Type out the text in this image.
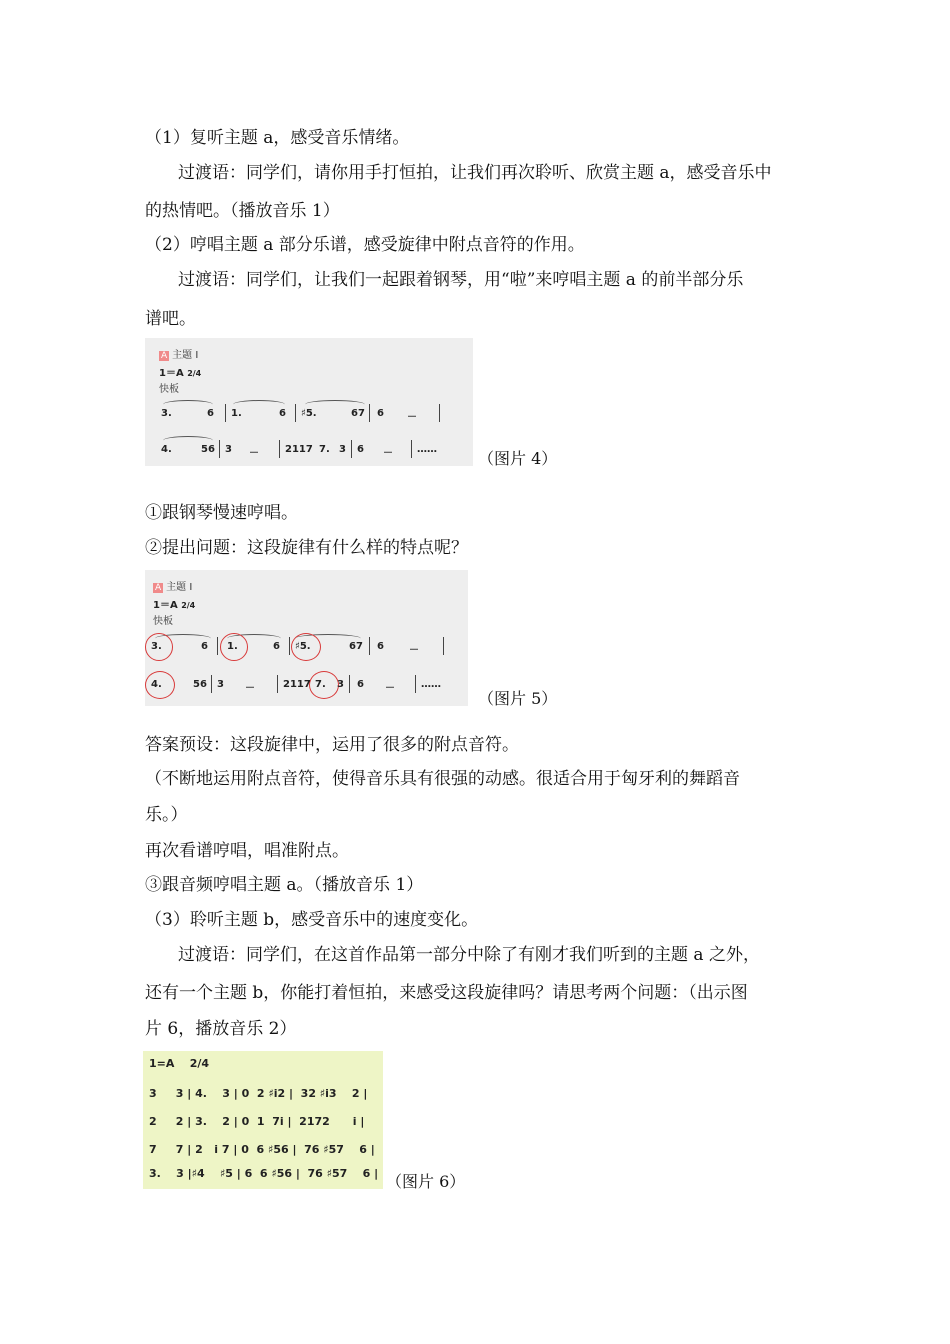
（1）复听主题 a，感受音乐情绪。
过渡语：同学们，请你用手打恒拍，让我们再次聆听、欣赏主题 a，感受音乐中
的热情吧。（播放音乐 1）
（2）哼唱主题 a 部分乐谱，感受旋律中附点音符的作用。
过渡语：同学们，让我们一起跟着钢琴，用“啦”来哼唱主题 a 的前半部分乐
谱吧。
A 主题 Ⅰ
1＝A 2/4
快板
3.	6 1.	6 ♯5.	67 6 －
4.	56 3 －	2117 7. 3 6 － ……	（图片 4）
①跟钢琴慢速哼唱。
②提出问题：这段旋律有什么样的特点呢？
A 主题 Ⅰ
1＝A 2/4
快板
3.	6 1.	6 ♯5.	67 6	－
4.	56 3 －	2117 7. 3 6 －	……
（图片 5）
答案预设：这段旋律中，运用了很多的附点音符。
（不断地运用附点音符，使得音乐具有很强的动感。很适合用于匈牙利的舞蹈音
乐。）
再次看谱哼唱，唱准附点。
③跟音频哼唱主题 a。（播放音乐 1）
（3）聆听主题 b，感受音乐中的速度变化。
过渡语：同学们，在这首作品第一部分中除了有刚才我们听到的主题 a 之外，
还有一个主题 b，你能打着恒拍，来感受这段旋律吗？请思考两个问题：（出示图
片 6，播放音乐 2）
1=A    2/4
3     3 | 4.    3 | 0  2 ♯i2 |  32 ♯i3    2 |
2     2 | 3.    2 | 0  1  7i |  2172      i |
7     7 | 2   i 7 | 0  6 ♯56 |  76 ♯57    6 |
3.    3 |♯4    ♯5 | 6  6 ♯56 |  76 ♯57    6 | （图片 6）
